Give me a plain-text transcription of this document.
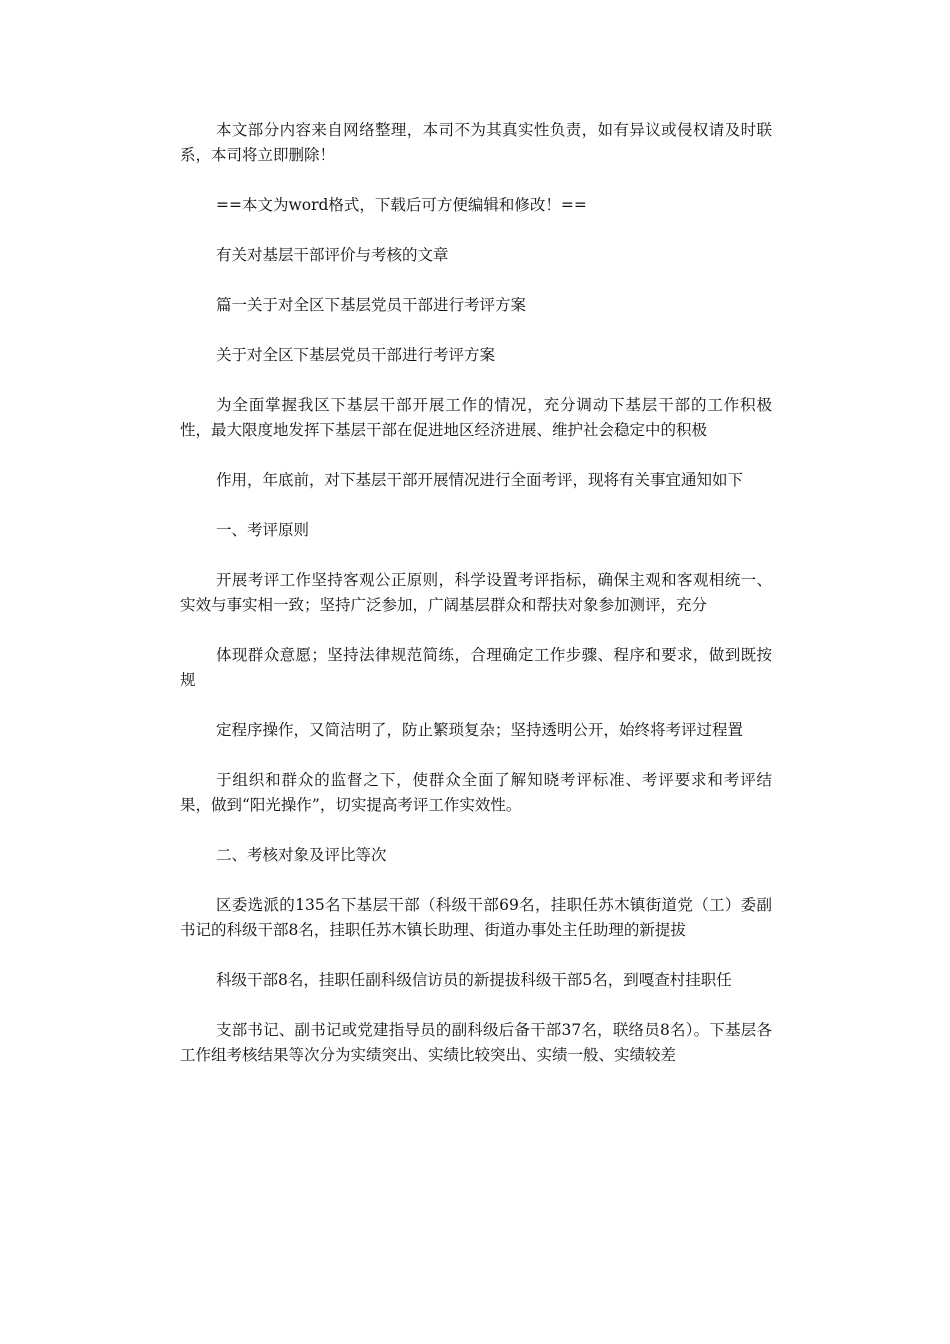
本文部分内容来自网络整理，本司不为其真实性负责，如有异议或侵权请及时联系，本司将立即删除！

==本文为word格式，下载后可方便编辑和修改！==

有关对基层干部评价与考核的文章

篇一关于对全区下基层党员干部进行考评方案

关于对全区下基层党员干部进行考评方案

为全面掌握我区下基层干部开展工作的情况，充分调动下基层干部的工作积极性，最大限度地发挥下基层干部在促进地区经济进展、维护社会稳定中的积极

作用，年底前，对下基层干部开展情况进行全面考评，现将有关事宜通知如下

一、考评原则

开展考评工作坚持客观公正原则，科学设置考评指标，确保主观和客观相统一、实效与事实相一致；坚持广泛参加，广阔基层群众和帮扶对象参加测评，充分

体现群众意愿；坚持法律规范简练，合理确定工作步骤、程序和要求，做到既按规

定程序操作，又简洁明了，防止繁琐复杂；坚持透明公开，始终将考评过程置

于组织和群众的监督之下，使群众全面了解知晓考评标准、考评要求和考评结果，做到“阳光操作”，切实提高考评工作实效性。

二、考核对象及评比等次

区委选派的135名下基层干部（科级干部69名，挂职任苏木镇街道党（工）委副书记的科级干部8名，挂职任苏木镇长助理、街道办事处主任助理的新提拔

科级干部8名，挂职任副科级信访员的新提拔科级干部5名，到嘎查村挂职任

支部书记、副书记或党建指导员的副科级后备干部37名，联络员8名）。下基层各工作组考核结果等次分为实绩突出、实绩比较突出、实绩一般、实绩较差
